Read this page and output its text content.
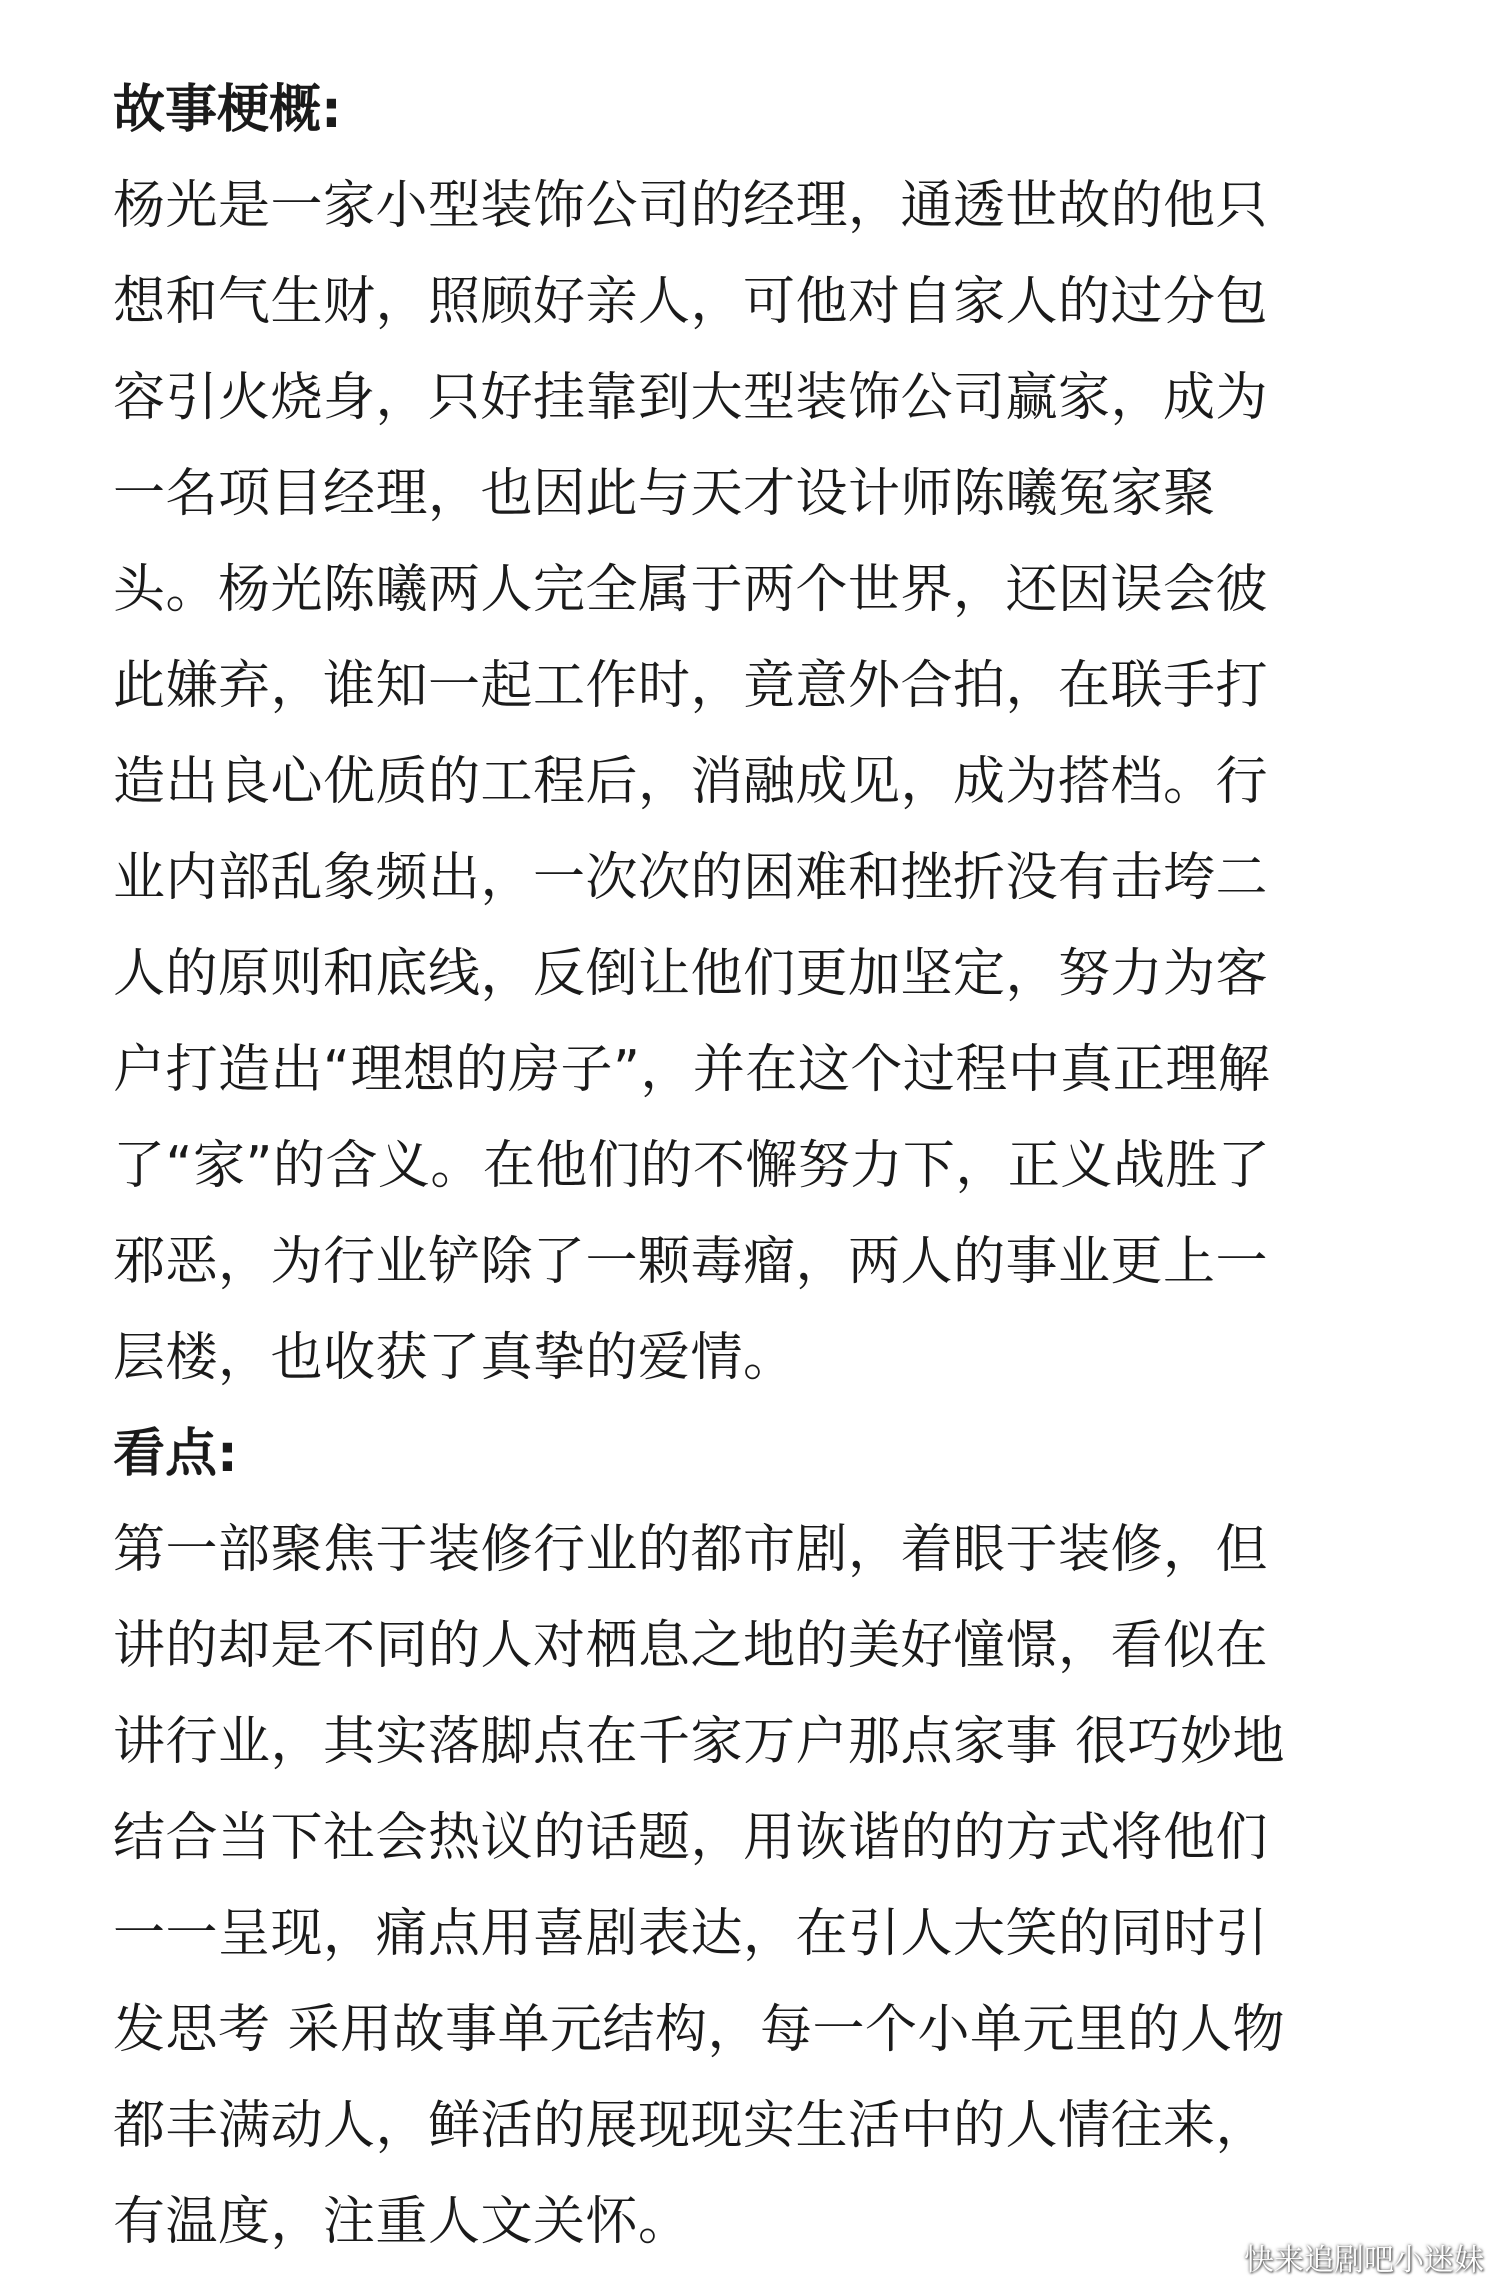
故事梗概:
杨光是一家小型装饰公司的经理，通透世故的他只
想和气生财，照顾好亲人，可他对自家人的过分包
容引火烧身，只好挂靠到大型装饰公司赢家，成为
一名项目经理，也因此与天才设计师陈曦冤家聚
头。杨光陈曦两人完全属于两个世界，还因误会彼
此嫌弃，谁知一起工作时，竟意外合拍，在联手打
造出良心优质的工程后，消融成见，成为搭档。行
业内部乱象频出，一次次的困难和挫折没有击垮二
人的原则和底线，反倒让他们更加坚定，努力为客
户打造出“理想的房子”，并在这个过程中真正理解
了“家”的含义。在他们的不懈努力下，正义战胜了
邪恶，为行业铲除了一颗毒瘤，两人的事业更上一
层楼，也收获了真挚的爱情。
看点:
第一部聚焦于装修行业的都市剧，着眼于装修，但
讲的却是不同的人对栖息之地的美好憧憬，看似在
讲行业，其实落脚点在千家万户那点家事 很巧妙地
结合当下社会热议的话题，用诙谐的的方式将他们
一一呈现，痛点用喜剧表达，在引人大笑的同时引
发思考 采用故事单元结构，每一个小单元里的人物
都丰满动人，鲜活的展现现实生活中的人情往来，
有温度，注重人文关怀。
快来追剧吧小迷妹
